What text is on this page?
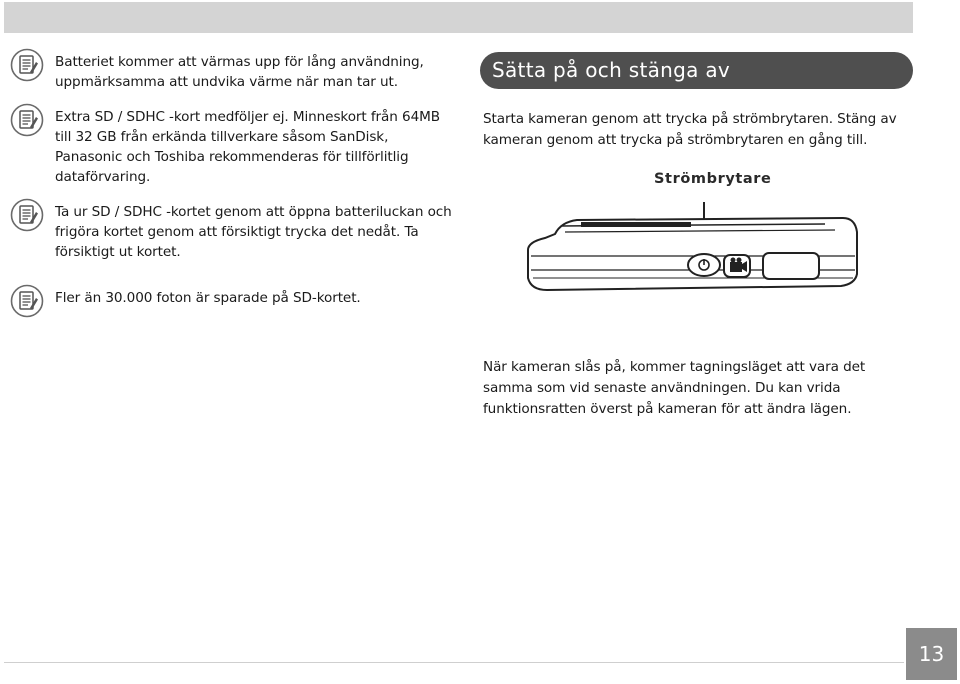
Batteriet kommer att värmas upp för lång användning, uppmärksamma att undvika värme när man tar ut.
Extra SD / SDHC -kort medföljer ej. Minneskort från 64MB till 32 GB från erkända tillverkare såsom SanDisk, Panasonic och Toshiba rekommenderas för tillförlitlig dataförvaring.
Ta ur SD / SDHC -kortet genom att öppna batteriluckan och frigöra kortet genom att försiktigt trycka det nedåt. Ta försiktigt ut kortet.
Fler än 30.000 foton är sparade på SD-kortet.
Sätta på och stänga av
Starta kameran genom att trycka på strömbrytaren. Stäng av kameran genom att trycka på strömbrytaren en gång till.
Strömbrytare
När kameran slås på, kommer tagningsläget att vara det samma som vid senaste användningen. Du kan vrida funktionsratten överst på kameran för att ändra lägen.
13
